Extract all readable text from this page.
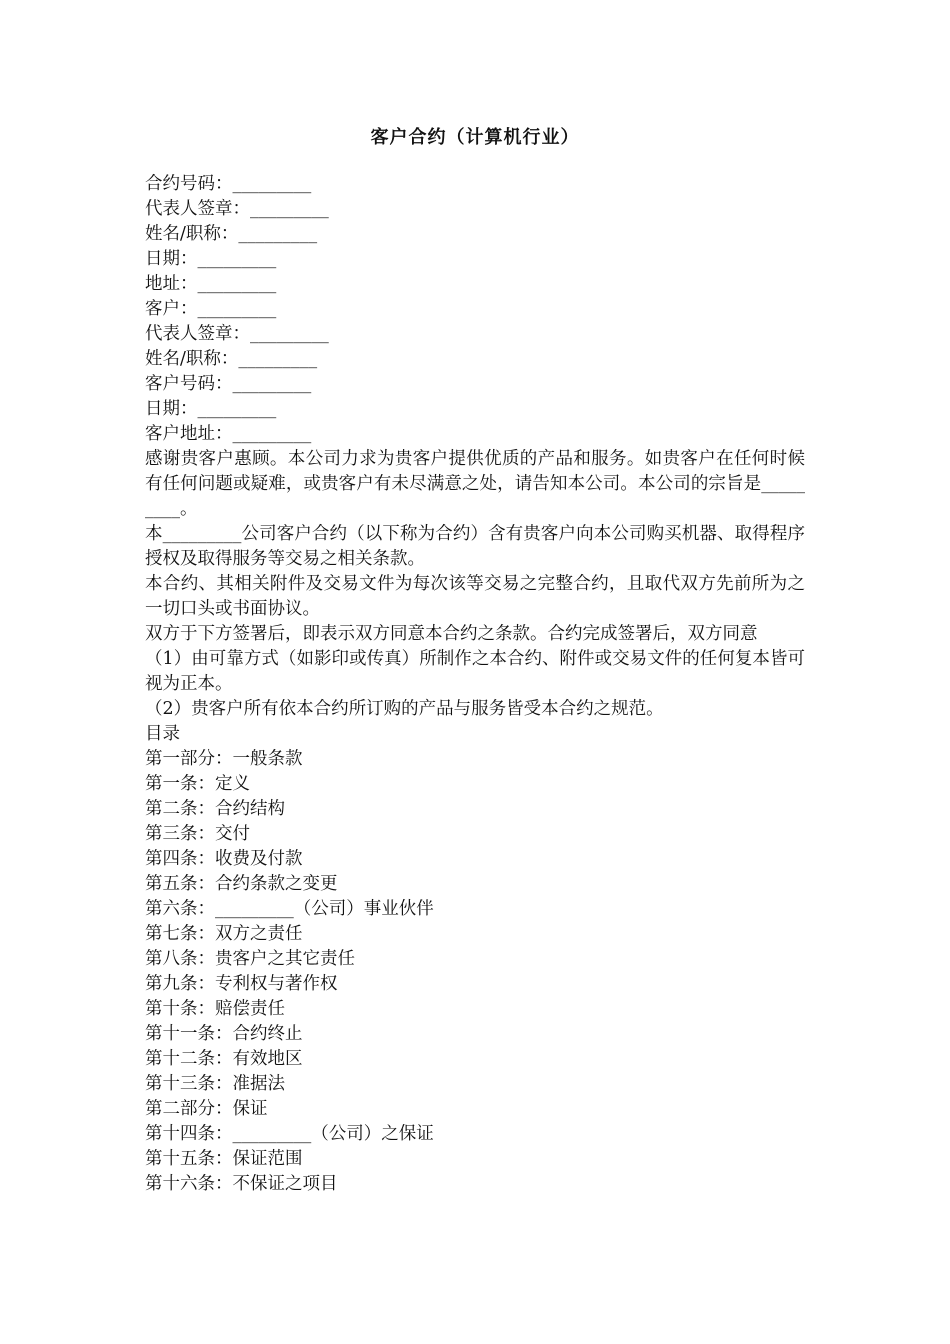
客户合约（计算机行业）
合约号码：_________
代表人签章：_________
姓名/职称：_________
日期：_________
地址：_________
客户：_________
代表人签章：_________
姓名/职称：_________
客户号码：_________
日期：_________
客户地址：_________
感谢贵客户惠顾。本公司力求为贵客户提供优质的产品和服务。如贵客户在任何时候有任何问题或疑难，或贵客户有未尽满意之处，请告知本公司。本公司的宗旨是_________。
本_________公司客户合约（以下称为合约）含有贵客户向本公司购买机器、取得程序授权及取得服务等交易之相关条款。
本合约、其相关附件及交易文件为每次该等交易之完整合约，且取代双方先前所为之一切口头或书面协议。
双方于下方签署后，即表示双方同意本合约之条款。合约完成签署后，双方同意
（1）由可靠方式（如影印或传真）所制作之本合约、附件或交易文件的任何复本皆可视为正本。
（2）贵客户所有依本合约所订购的产品与服务皆受本合约之规范。
目录
第一部分：一般条款
第一条：定义
第二条：合约结构
第三条：交付
第四条：收费及付款
第五条：合约条款之变更
第六条：_________（公司）事业伙伴
第七条：双方之责任
第八条：贵客户之其它责任
第九条：专利权与著作权
第十条：赔偿责任
第十一条：合约终止
第十二条：有效地区
第十三条：准据法
第二部分：保证
第十四条：_________（公司）之保证
第十五条：保证范围
第十六条：不保证之项目
